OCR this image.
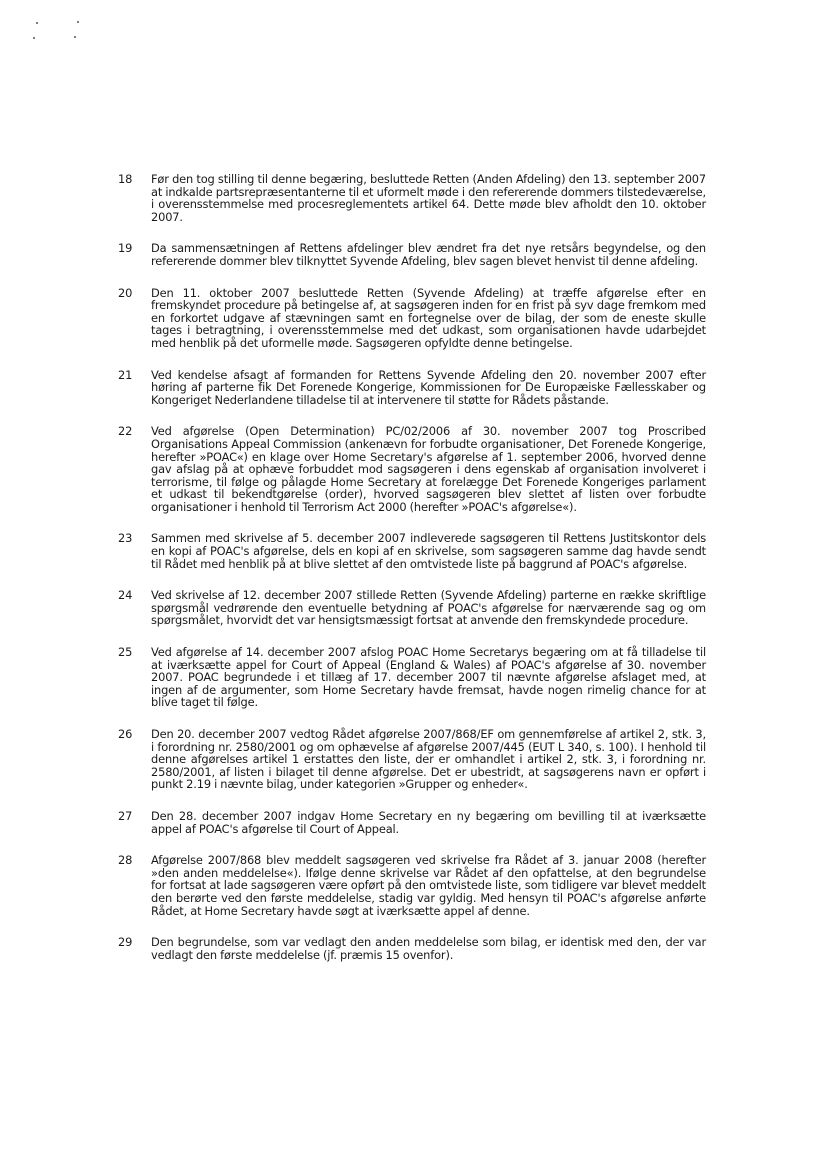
18 Før den tog stilling til denne begæring, besluttede Retten (Anden Afdeling) den 13. september 2007 at indkalde partsrepræsentanterne til et uformelt møde i den refererende dommers tilstedeværelse, i overensstemmelse med procesreglementets artikel 64. Dette møde blev afholdt den 10. oktober 2007.
19 Da sammensætningen af Rettens afdelinger blev ændret fra det nye retsårs begyndelse, og den refererende dommer blev tilknyttet Syvende Afdeling, blev sagen blevet henvist til denne afdeling.
20 Den 11. oktober 2007 besluttede Retten (Syvende Afdeling) at træffe afgørelse efter en fremskyndet procedure på betingelse af, at sagsøgeren inden for en frist på syv dage fremkom med en forkortet udgave af stævningen samt en fortegnelse over de bilag, der som de eneste skulle tages i betragtning, i overensstemmelse med det udkast, som organisationen havde udarbejdet med henblik på det uformelle møde. Sagsøgeren opfyldte denne betingelse.
21 Ved kendelse afsagt af formanden for Rettens Syvende Afdeling den 20. november 2007 efter høring af parterne fik Det Forenede Kongerige, Kommissionen for De Europæiske Fællesskaber og Kongeriget Nederlandene tilladelse til at intervenere til støtte for Rådets påstande.
22 Ved afgørelse (Open Determination) PC/02/2006 af 30. november 2007 tog Proscribed Organisations Appeal Commission (ankenævn for forbudte organisationer, Det Forenede Kongerige, herefter »POAC«) en klage over Home Secretary's afgørelse af 1. september 2006, hvorved denne gav afslag på at ophæve forbuddet mod sagsøgeren i dens egenskab af organisation involveret i terrorisme, til følge og pålagde Home Secretary at forelægge Det Forenede Kongeriges parlament et udkast til bekendtgørelse (order), hvorved sagsøgeren blev slettet af listen over forbudte organisationer i henhold til Terrorism Act 2000 (herefter »POAC's afgørelse«).
23 Sammen med skrivelse af 5. december 2007 indleverede sagsøgeren til Rettens Justitskontor dels en kopi af POAC's afgørelse, dels en kopi af en skrivelse, som sagsøgeren samme dag havde sendt til Rådet med henblik på at blive slettet af den omtvistede liste på baggrund af POAC's afgørelse.
24 Ved skrivelse af 12. december 2007 stillede Retten (Syvende Afdeling) parterne en række skriftlige spørgsmål vedrørende den eventuelle betydning af POAC's afgørelse for nærværende sag og om spørgsmålet, hvorvidt det var hensigtsmæssigt fortsat at anvende den fremskyndede procedure.
25 Ved afgørelse af 14. december 2007 afslog POAC Home Secretarys begæring om at få tilladelse til at iværksætte appel for Court of Appeal (England & Wales) af POAC's afgørelse af 30. november 2007. POAC begrundede i et tillæg af 17. december 2007 til nævnte afgørelse afslaget med, at ingen af de argumenter, som Home Secretary havde fremsat, havde nogen rimelig chance for at blive taget til følge.
26 Den 20. december 2007 vedtog Rådet afgørelse 2007/868/EF om gennemførelse af artikel 2, stk. 3, i forordning nr. 2580/2001 og om ophævelse af afgørelse 2007/445 (EUT L 340, s. 100). I henhold til denne afgørelses artikel 1 erstattes den liste, der er omhandlet i artikel 2, stk. 3, i forordning nr. 2580/2001, af listen i bilaget til denne afgørelse. Det er ubestridt, at sagsøgerens navn er opført i punkt 2.19 i nævnte bilag, under kategorien »Grupper og enheder«.
27 Den 28. december 2007 indgav Home Secretary en ny begæring om bevilling til at iværksætte appel af POAC's afgørelse til Court of Appeal.
28 Afgørelse 2007/868 blev meddelt sagsøgeren ved skrivelse fra Rådet af 3. januar 2008 (herefter »den anden meddelelse«). Ifølge denne skrivelse var Rådet af den opfattelse, at den begrundelse for fortsat at lade sagsøgeren være opført på den omtvistede liste, som tidligere var blevet meddelt den berørte ved den første meddelelse, stadig var gyldig. Med hensyn til POAC's afgørelse anførte Rådet, at Home Secretary havde søgt at iværksætte appel af denne.
29 Den begrundelse, som var vedlagt den anden meddelelse som bilag, er identisk med den, der var vedlagt den første meddelelse (jf. præmis 15 ovenfor).
